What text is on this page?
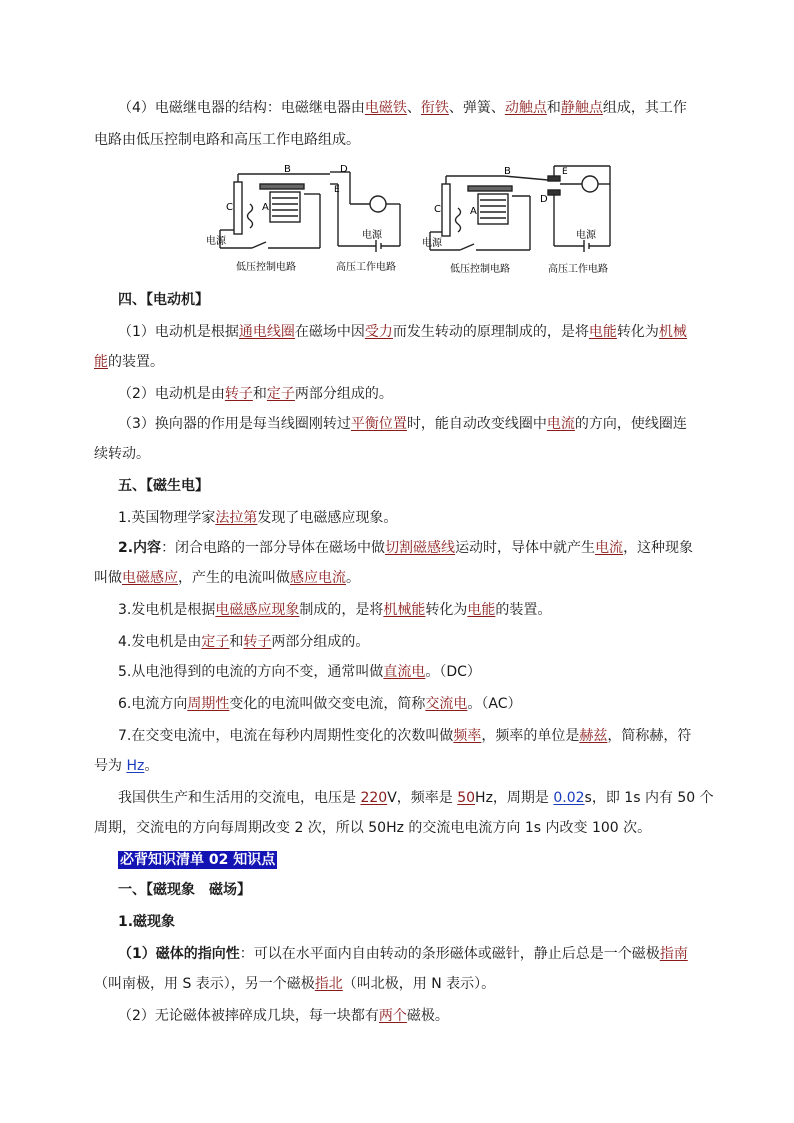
（4）电磁继电器的结构：电磁继电器由电磁铁、衔铁、弹簧、动触点和静触点组成，其工作
电路由低压控制电路和高压工作电路组成。
B	D
A
C
E
电源
电源
低压控制电路	高压工作电路
B
D
A
C
E
电源
电源
低压控制电路	高压工作电路
四、【电动机】
（1）电动机是根据通电线圈在磁场中因受力而发生转动的原理制成的，是将电能转化为机械
能的装置。
（2）电动机是由转子和定子两部分组成的。
（3）换向器的作用是每当线圈刚转过平衡位置时，能自动改变线圈中电流的方向，使线圈连
续转动。
五、【磁生电】
1.英国物理学家法拉第发现了电磁感应现象。
2.内容：闭合电路的一部分导体在磁场中做切割磁感线运动时，导体中就产生电流，这种现象
叫做电磁感应，产生的电流叫做感应电流。
3.发电机是根据电磁感应现象制成的，是将机械能转化为电能的装置。
4.发电机是由定子和转子两部分组成的。
5.从电池得到的电流的方向不变，通常叫做直流电。（DC）
6.电流方向周期性变化的电流叫做交变电流，简称交流电。（AC）
7.在交变电流中，电流在每秒内周期性变化的次数叫做频率，频率的单位是赫兹，简称赫，符
号为 Hz。
我国供生产和生活用的交流电，电压是 220V，频率是 50Hz，周期是 0.02s，即 1s 内有 50 个
周期，交流电的方向每周期改变 2 次，所以 50Hz 的交流电电流方向 1s 内改变 100 次。
必背知识清单 02 知识点
一、【磁现象　磁场】
1.磁现象
（1）磁体的指向性：可以在水平面内自由转动的条形磁体或磁针，静止后总是一个磁极指南
（叫南极，用 S 表示），另一个磁极指北（叫北极，用 N 表示）。
（2）无论磁体被摔碎成几块，每一块都有两个磁极。
